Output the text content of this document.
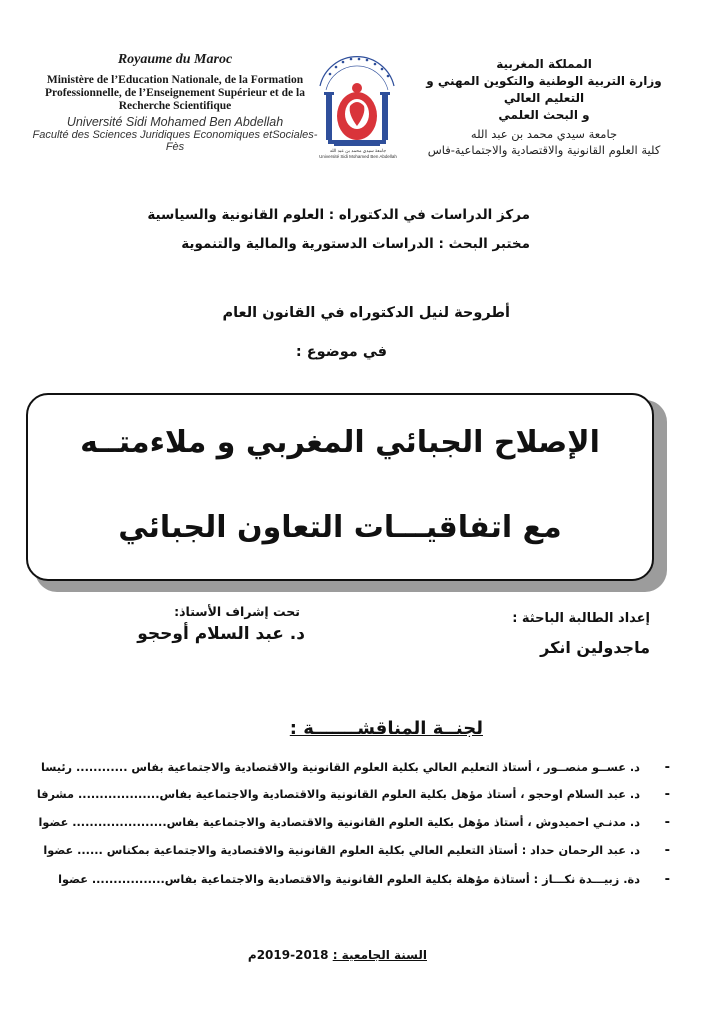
Royaume du Maroc
Ministère de l’Education Nationale, de la Formation Professionnelle, de l’Enseignement Supérieur et de la Recherche Scientifique
Université Sidi Mohamed Ben Abdellah
Faculté des Sciences Juridiques Economiques etSociales- Fès	جامعة سيدي محمد بن عبد الله
Université Sidi Mohamed Ben Abdellah
المملكة المغربية
وزارة التربية الوطنية والتكوين المهني و التعليم العالي
و البحث العلمي
جامعة سيدي محمد بن عبد الله
كلية العلوم القانونية والاقتصادية والاجتماعية-فاس
مركز الدراسات في الدكتوراه : العلوم القانونية والسياسية
مختبر البحث : الدراسات الدستورية والمالية والتنموية
أطروحة لنيل الدكتوراه في القانون العام
في موضوع :
الإصلاح الجبائي المغربي و ملاءمتــه
مع اتفاقيـــات التعاون الجبائي
تحت إشراف الأستاذ:
د. عبد السلام أوحجو
إعداد الطالبة الباحثة :
ماجدولين انكر
لجنــة المناقشـــــــة :
-
د. عســو منصــور ، أستاذ التعليم العالي بكلية العلوم القانونية والاقتصادية والاجتماعية بفاس ............ رئيسا
-
د. عبد السلام اوحجو ، أستاذ مؤهل بكلية العلوم القانونية والاقتصادية والاجتماعية بفاس................... مشرفا
-
د. مدنـي احميدوش ، أستاذ مؤهل بكلية العلوم القانونية والاقتصادية والاجتماعية بفاس...................... عضوا
-
د. عبد الرحمان حداد : أستاذ التعليم العالي بكلية العلوم القانونية والاقتصادية والاجتماعية بمكناس ...... عضوا
-
دة. زبيـــدة نكـــاز : أستاذة مؤهلة بكلية العلوم القانونية والاقتصادية والاجتماعية بفاس................. عضوا
السنة الجامعية : 2018-2019م
